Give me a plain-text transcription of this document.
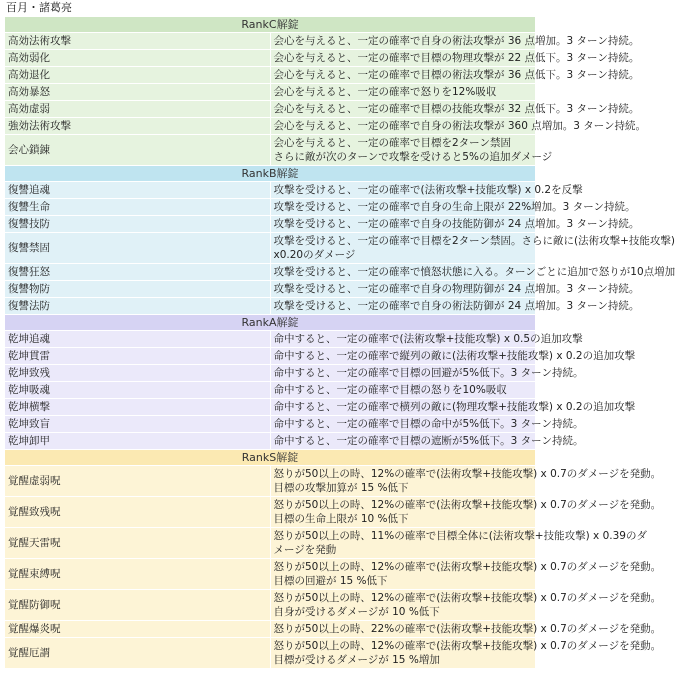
百月・諸葛亮
RankC解錠	
高効法術攻撃	会心を与えると、一定の確率で自身の術法攻撃が 36 点増加。3 ターン持続。

高効弱化	会心を与えると、一定の確率で目標の物理攻撃が 22 点低下。3 ターン持続。

高効退化	会心を与えると、一定の確率で目標の術法攻撃が 36 点低下。3 ターン持続。

高効暴怒	会心を与えると、一定の確率で怒りを12%吸収

高効虚弱	会心を与えると、一定の確率で目標の技能攻撃が 32 点低下。3 ターン持続。

強効法術攻撃	会心を与えると、一定の確率で自身の術法攻撃が 360 点増加。3 ターン持続。

会心鎖錬	会心を与えると、一定の確率で目標を2ターン禁固
さらに敵が次のターンで攻撃を受けると5%の追加ダメージ

RankB解錠	
復讐追魂	攻撃を受けると、一定の確率で(法術攻撃+技能攻撃) x 0.2を反撃

復讐生命	攻撃を受けると、一定の確率で自身の生命上限が 22%増加。3 ターン持続。

復讐技防	攻撃を受けると、一定の確率で自身の技能防御が 24 点増加。3 ターン持続。

復讐禁固	攻撃を受けると、一定の確率で目標を2ターン禁固。さらに敵に(法術攻撃+技能攻撃)
x0.20のダメージ

復讐狂怒	攻撃を受けると、一定の確率で憤怒状態に入る。ターンごとに追加で怒りが10点増加

復讐物防	攻撃を受けると、一定の確率で自身の物理防御が 24 点増加。3 ターン持続。

復讐法防	攻撃を受けると、一定の確率で自身の術法防御が 24 点増加。3 ターン持続。

RankA解錠	
乾坤追魂	命中すると、一定の確率で(法術攻撃+技能攻撃) x 0.5の追加攻撃

乾坤貫雷	命中すると、一定の確率で縦列の敵に(法術攻撃+技能攻撃) x 0.2の追加攻撃

乾坤致残	命中すると、一定の確率で目標の回避が5%低下。3 ターン持続。

乾坤吸魂	命中すると、一定の確率で目標の怒りを10%吸収

乾坤横撃	命中すると、一定の確率で横列の敵に(物理攻撃+技能攻撃) x 0.2の追加攻撃

乾坤致盲	命中すると、一定の確率で目標の命中が5%低下。3 ターン持続。

乾坤卸甲	命中すると、一定の確率で目標の遮断が5%低下。3 ターン持続。

RankS解錠	
覚醒虚弱呪	怒りが50以上の時、12%の確率で(法術攻撃+技能攻撃) x 0.7のダメージを発動。
目標の攻撃加算が 15 %低下

覚醒致残呪	怒りが50以上の時、12%の確率で(法術攻撃+技能攻撃) x 0.7のダメージを発動。
目標の生命上限が 10 %低下

覚醒天雷呪	怒りが50以上の時、11%の確率で目標全体に(法術攻撃+技能攻撃) x 0.39のダ
メージを発動

覚醒束縛呪	怒りが50以上の時、12%の確率で(法術攻撃+技能攻撃) x 0.7のダメージを発動。
目標の回避が 15 %低下

覚醒防御呪	怒りが50以上の時、12%の確率で(法術攻撃+技能攻撃) x 0.7のダメージを発動。
自身が受けるダメージが 10 %低下

覚醒爆炎呪	怒りが50以上の時、22%の確率で(法術攻撃+技能攻撃) x 0.7のダメージを発動。

覚醒厄謂	怒りが50以上の時、12%の確率で(法術攻撃+技能攻撃) x 0.7のダメージを発動。
目標が受けるダメージが 15 %増加
